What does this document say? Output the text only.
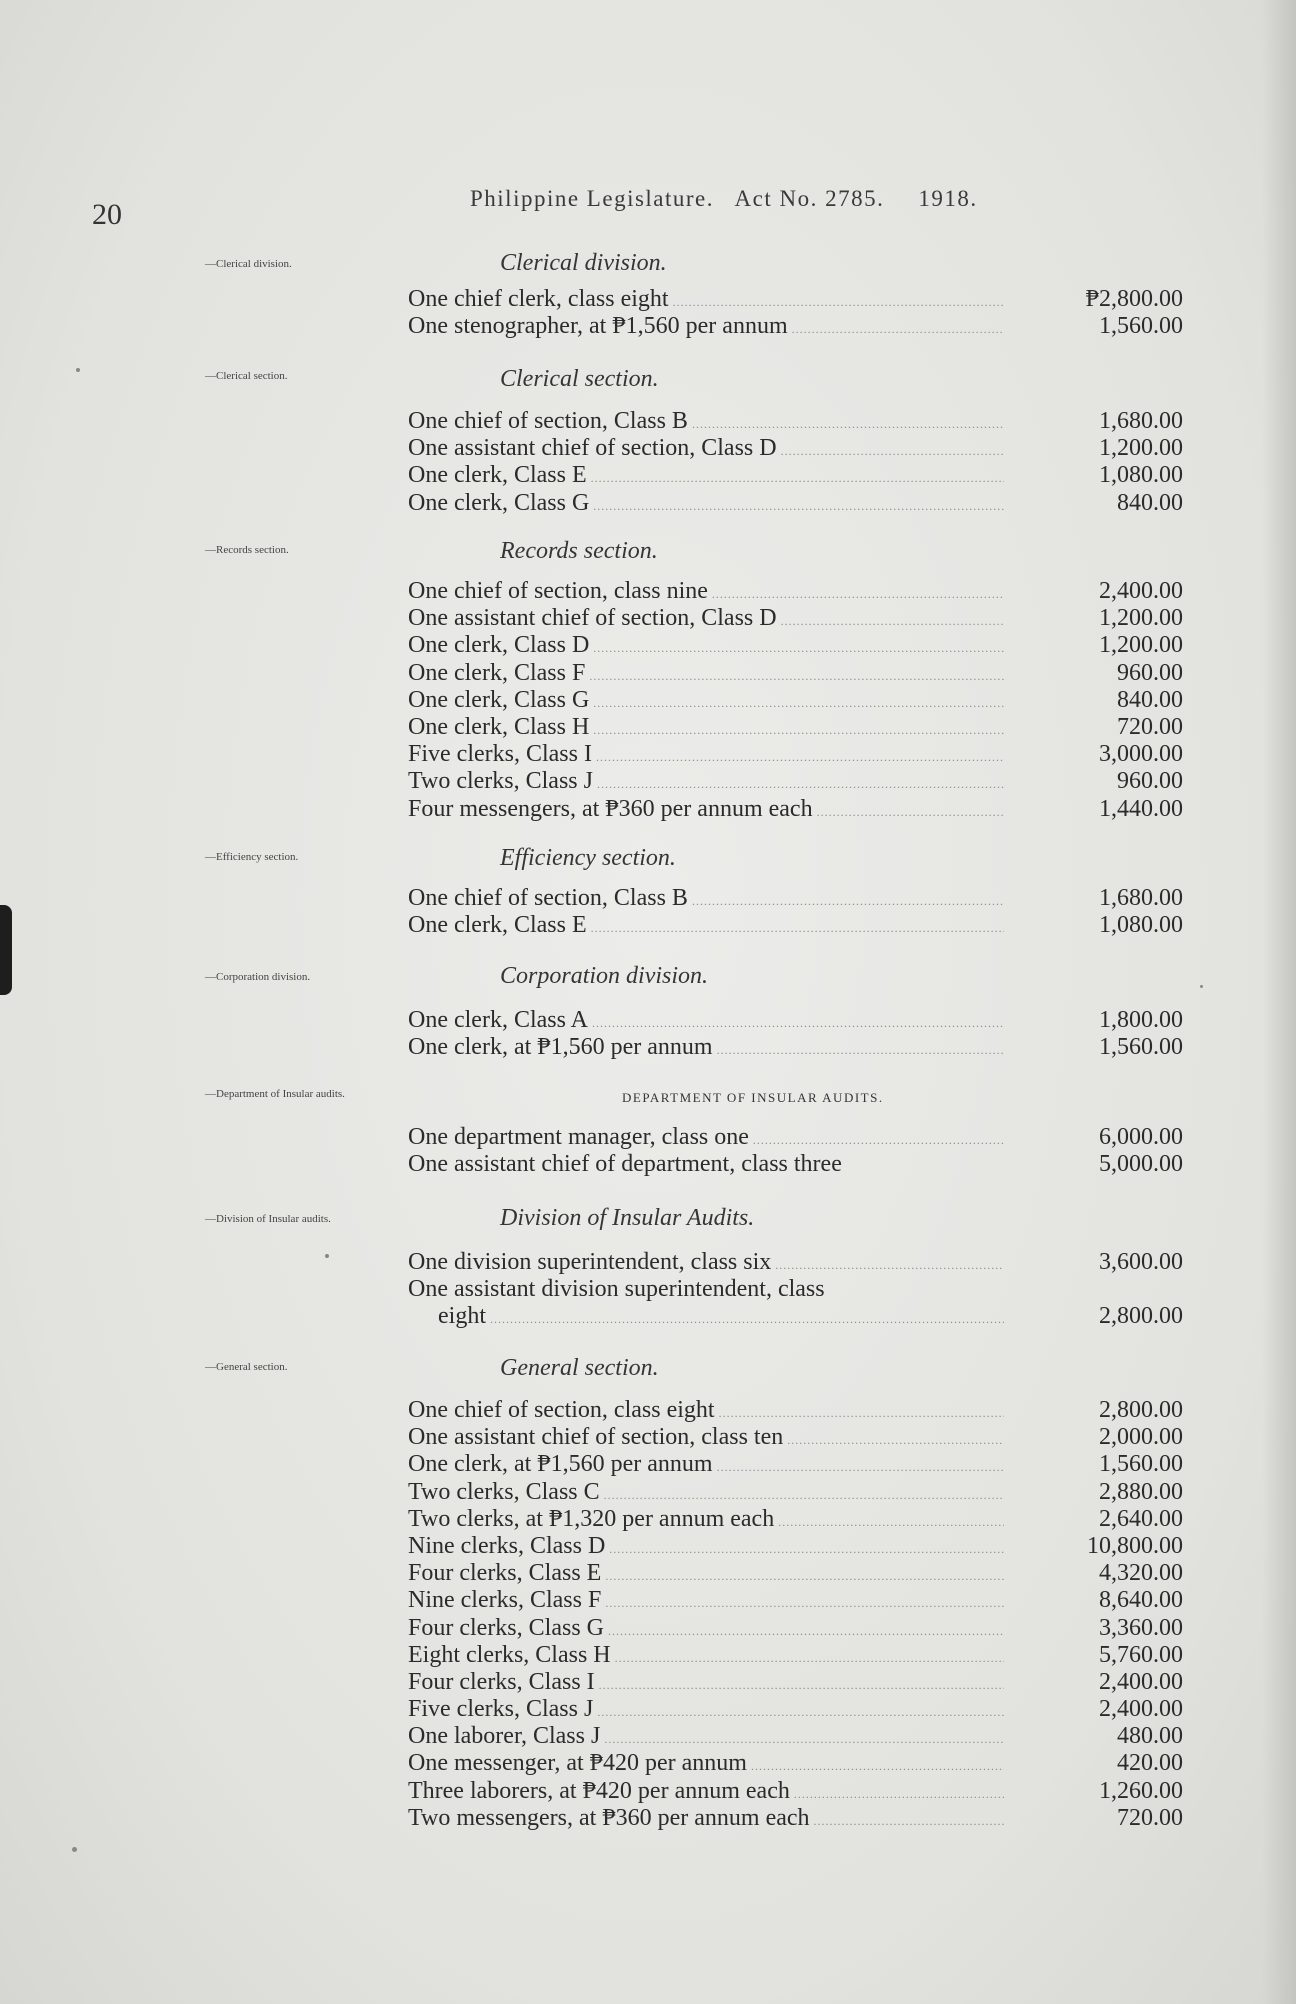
20	Philippine Legislature.   Act No. 2785. 1918.
—Clerical division.	Clerical division.
One chief clerk, class eight .....	₱2,800.00
One stenographer, at ₱1,560 per annum .....	1,560.00
—Clerical section.	Clerical section.
One chief of section, Class B .....	1,680.00
One assistant chief of section, Class D .....	1,200.00
One clerk, Class E .....	1,080.00
One clerk, Class G .....	840.00
—Records section.	Records section.
One chief of section, class nine .....	2,400.00
One assistant chief of section, Class D .....	1,200.00
One clerk, Class D .....	1,200.00
One clerk, Class F .....	960.00
One clerk, Class G .....	840.00
One clerk, Class H .....	720.00
Five clerks, Class I .....	3,000.00
Two clerks, Class J .....	960.00
Four messengers, at ₱360 per annum each .....	1,440.00
—Efficiency section.	Efficiency section.
One chief of section, Class B .....	1,680.00
One clerk, Class E .....	1,080.00
—Corporation division.	Corporation division.
One clerk, Class A .....	1,800.00
One clerk, at ₱1,560 per annum .....	1,560.00
—Department of Insular audits.	DEPARTMENT OF INSULAR AUDITS.
One department manager, class one .....	6,000.00
One assistant chief of department, class three	5,000.00
—Division of Insular audits.	Division of Insular Audits.
One division superintendent, class six .....	3,600.00
One assistant division superintendent, class
eight .....	2,800.00
—General section.	General section.
One chief of section, class eight .....	2,800.00
One assistant chief of section, class ten .....	2,000.00
One clerk, at ₱1,560 per annum .....	1,560.00
Two clerks, Class C .....	2,880.00
Two clerks, at ₱1,320 per annum each .....	2,640.00
Nine clerks, Class D .....	10,800.00
Four clerks, Class E .....	4,320.00
Nine clerks, Class F .....	8,640.00
Four clerks, Class G .....	3,360.00
Eight clerks, Class H .....	5,760.00
Four clerks, Class I .....	2,400.00
Five clerks, Class J .....	2,400.00
One laborer, Class J .....	480.00
One messenger, at ₱420 per annum .....	420.00
Three laborers, at ₱420 per annum each .....	1,260.00
Two messengers, at ₱360 per annum each .....	720.00
